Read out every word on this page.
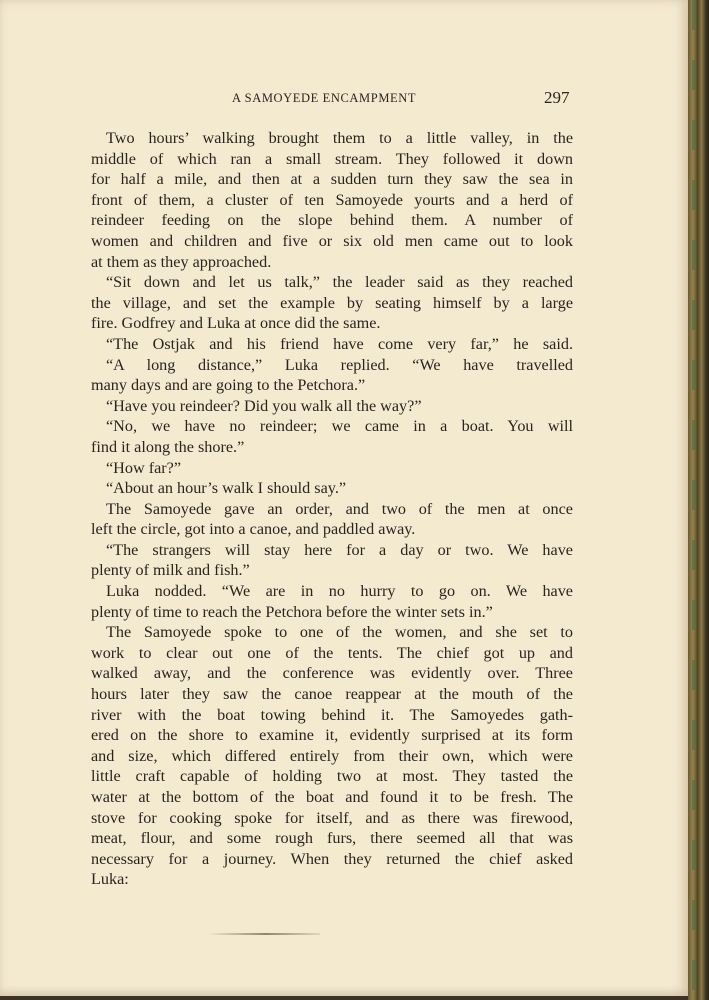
A SAMOYEDE ENCAMPMENT	297
Two hours’ walking brought them to a little valley, in the
middle of which ran a small stream. They followed it down
for half a mile, and then at a sudden turn they saw the sea in
front of them, a cluster of ten Samoyede yourts and a herd of
reindeer feeding on the slope behind them. A number of
women and children and five or six old men came out to look
at them as they approached.
“Sit down and let us talk,” the leader said as they reached
the village, and set the example by seating himself by a large
fire. Godfrey and Luka at once did the same.
“The Ostjak and his friend have come very far,” he said.
“A long distance,” Luka replied. “We have travelled
many days and are going to the Petchora.”
“Have you reindeer? Did you walk all the way?”
“No, we have no reindeer; we came in a boat. You will
find it along the shore.”
“How far?”
“About an hour’s walk I should say.”
The Samoyede gave an order, and two of the men at once
left the circle, got into a canoe, and paddled away.
“The strangers will stay here for a day or two. We have
plenty of milk and fish.”
Luka nodded. “We are in no hurry to go on. We have
plenty of time to reach the Petchora before the winter sets in.”
The Samoyede spoke to one of the women, and she set to
work to clear out one of the tents. The chief got up and
walked away, and the conference was evidently over. Three
hours later they saw the canoe reappear at the mouth of the
river with the boat towing behind it. The Samoyedes gath-
ered on the shore to examine it, evidently surprised at its form
and size, which differed entirely from their own, which were
little craft capable of holding two at most. They tasted the
water at the bottom of the boat and found it to be fresh. The
stove for cooking spoke for itself, and as there was firewood,
meat, flour, and some rough furs, there seemed all that was
necessary for a journey. When they returned the chief asked
Luka:
